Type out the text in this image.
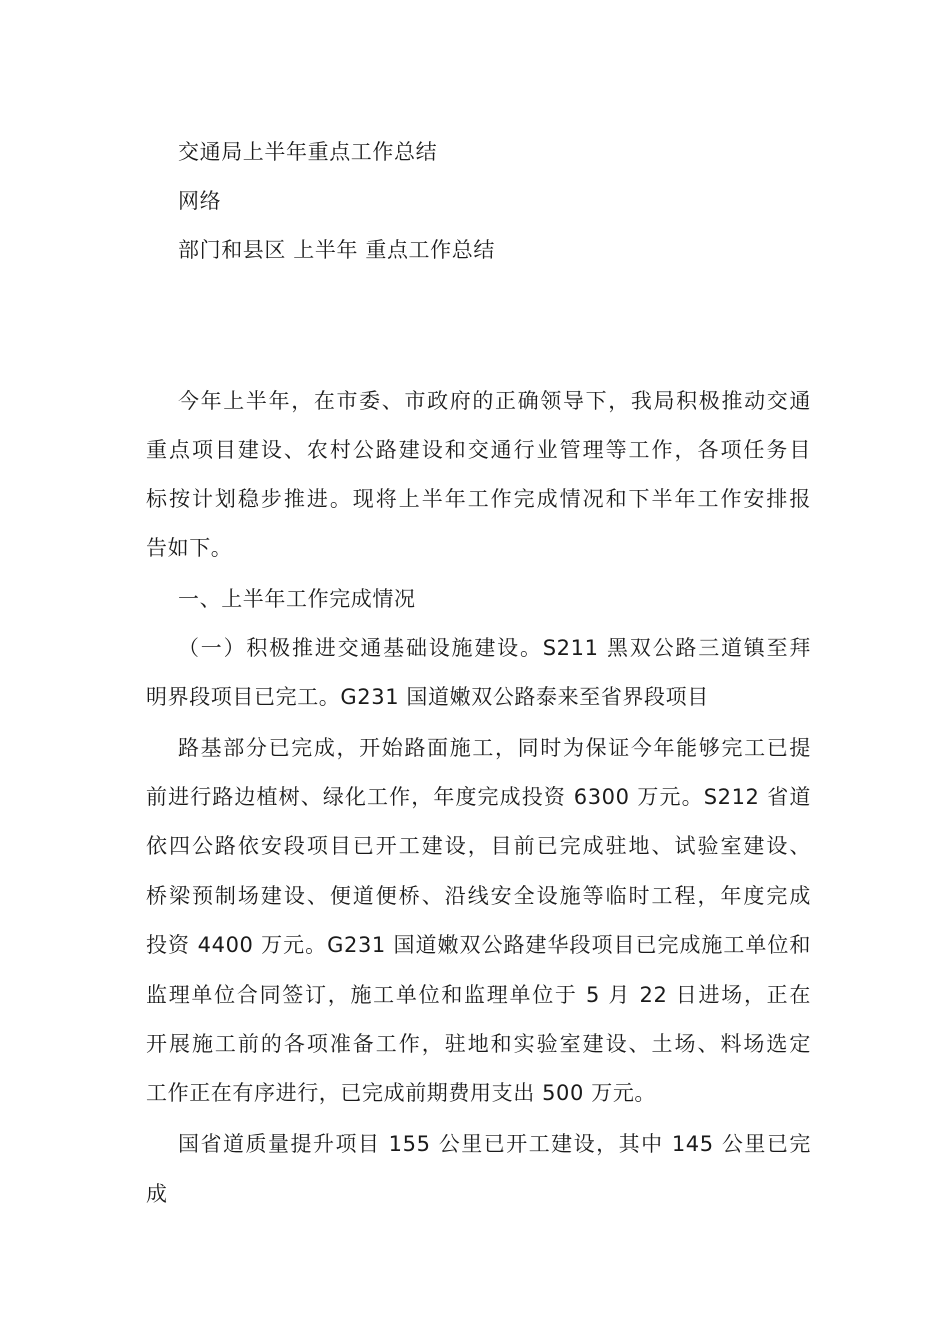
交通局上半年重点工作总结
网络
部门和县区 上半年 重点工作总结
今年上半年，在市委、市政府的正确领导下，我局积极推动交通
重点项目建设、农村公路建设和交通行业管理等工作，各项任务目
标按计划稳步推进。现将上半年工作完成情况和下半年工作安排报
告如下。
一、上半年工作完成情况
（一）积极推进交通基础设施建设。S211 黑双公路三道镇至拜
明界段项目已完工。G231 国道嫩双公路泰来至省界段项目
路基部分已完成，开始路面施工，同时为保证今年能够完工已提
前进行路边植树、绿化工作，年度完成投资 6300 万元。S212 省道
依四公路依安段项目已开工建设，目前已完成驻地、试验室建设、
桥梁预制场建设、便道便桥、沿线安全设施等临时工程，年度完成
投资 4400 万元。G231 国道嫩双公路建华段项目已完成施工单位和
监理单位合同签订，施工单位和监理单位于 5 月 22 日进场，正在
开展施工前的各项准备工作，驻地和实验室建设、土场、料场选定
工作正在有序进行，已完成前期费用支出 500 万元。
国省道质量提升项目 155 公里已开工建设，其中 145 公里已完
成
